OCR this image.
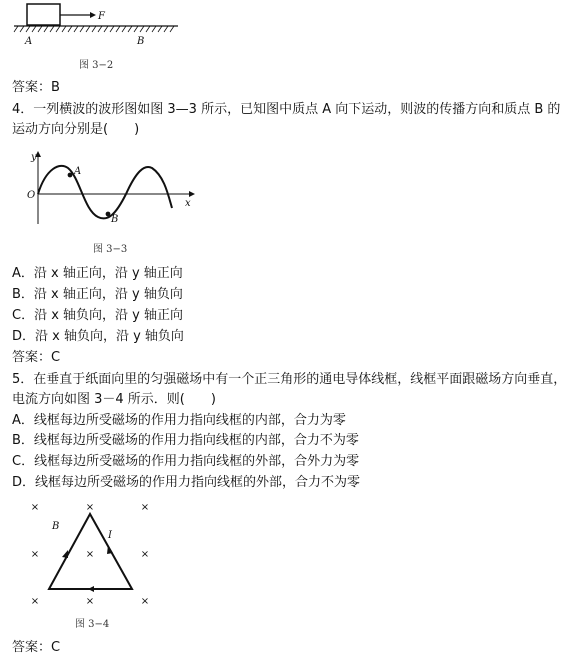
F
A	B
图 3−2
答案：B
4．一列横波的波形图如图 3—3 所示，已知图中质点 A 向下运动，则波的传播方向和质点 B 的运动方向分别是(　　)
y
x
O
A
B
图 3−3
A．沿 x 轴正向，沿 y 轴正向
B．沿 x 轴正向，沿 y 轴负向
C．沿 x 轴负向，沿 y 轴正向
D．沿 x 轴负向，沿 y 轴负向
答案：C
5．在垂直于纸面向里的匀强磁场中有一个正三角形的通电导体线框，线框平面跟磁场方向垂直，电流方向如图 3－4 所示．则(　　)
A．线框每边所受磁场的作用力指向线框的内部，合力为零
B．线框每边所受磁场的作用力指向线框的内部，合力不为零
C．线框每边所受磁场的作用力指向线框的外部，合外力为零
D．线框每边所受磁场的作用力指向线框的外部，合力不为零
×	×	×
×	×	×
×	×	×
B
I
图 3−4
答案：C
